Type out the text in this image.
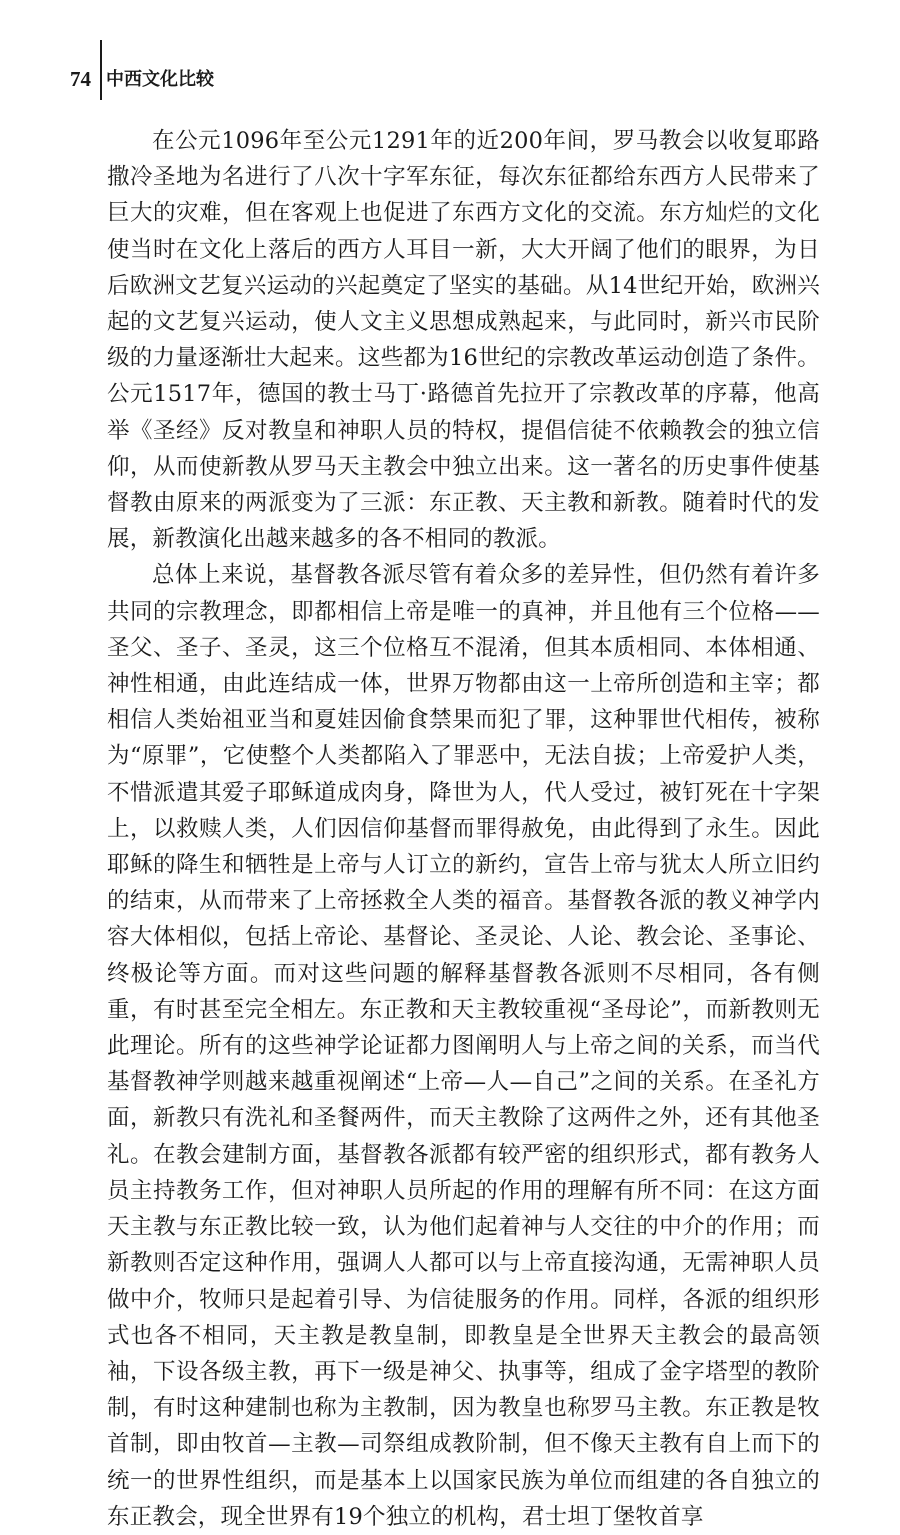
74 中西文化比较

在公元1096年至公元1291年的近200年间，罗马教会以收复耶路撒冷圣地为名进行了八次十字军东征，每次东征都给东西方人民带来了巨大的灾难，但在客观上也促进了东西方文化的交流。东方灿烂的文化使当时在文化上落后的西方人耳目一新，大大开阔了他们的眼界，为日后欧洲文艺复兴运动的兴起奠定了坚实的基础。从14世纪开始，欧洲兴起的文艺复兴运动，使人文主义思想成熟起来，与此同时，新兴市民阶级的力量逐渐壮大起来。这些都为16世纪的宗教改革运动创造了条件。公元1517年，德国的教士马丁·路德首先拉开了宗教改革的序幕，他高举《圣经》反对教皇和神职人员的特权，提倡信徒不依赖教会的独立信仰，从而使新教从罗马天主教会中独立出来。这一著名的历史事件使基督教由原来的两派变为了三派：东正教、天主教和新教。随着时代的发展，新教演化出越来越多的各不相同的教派。

总体上来说，基督教各派尽管有着众多的差异性，但仍然有着许多共同的宗教理念，即都相信上帝是唯一的真神，并且他有三个位格——圣父、圣子、圣灵，这三个位格互不混淆，但其本质相同、本体相通、神性相通，由此连结成一体，世界万物都由这一上帝所创造和主宰；都相信人类始祖亚当和夏娃因偷食禁果而犯了罪，这种罪世代相传，被称为“原罪”，它使整个人类都陷入了罪恶中，无法自拔；上帝爱护人类，不惜派遣其爱子耶稣道成肉身，降世为人，代人受过，被钉死在十字架上，以救赎人类，人们因信仰基督而罪得赦免，由此得到了永生。因此耶稣的降生和牺牲是上帝与人订立的新约，宣告上帝与犹太人所立旧约的结束，从而带来了上帝拯救全人类的福音。基督教各派的教义神学内容大体相似，包括上帝论、基督论、圣灵论、人论、教会论、圣事论、终极论等方面。而对这些问题的解释基督教各派则不尽相同，各有侧重，有时甚至完全相左。东正教和天主教较重视“圣母论”，而新教则无此理论。所有的这些神学论证都力图阐明人与上帝之间的关系，而当代基督教神学则越来越重视阐述“上帝—人—自己”之间的关系。在圣礼方面，新教只有洗礼和圣餐两件，而天主教除了这两件之外，还有其他圣礼。在教会建制方面，基督教各派都有较严密的组织形式，都有教务人员主持教务工作，但对神职人员所起的作用的理解有所不同：在这方面天主教与东正教比较一致，认为他们起着神与人交往的中介的作用；而新教则否定这种作用，强调人人都可以与上帝直接沟通，无需神职人员做中介，牧师只是起着引导、为信徒服务的作用。同样，各派的组织形式也各不相同，天主教是教皇制，即教皇是全世界天主教会的最高领袖，下设各级主教，再下一级是神父、执事等，组成了金字塔型的教阶制，有时这种建制也称为主教制，因为教皇也称罗马主教。东正教是牧首制，即由牧首—主教—司祭组成教阶制，但不像天主教有自上而下的统一的世界性组织，而是基本上以国家民族为单位而组建的各自独立的东正教会，现全世界有19个独立的机构，君士坦丁堡牧首享
